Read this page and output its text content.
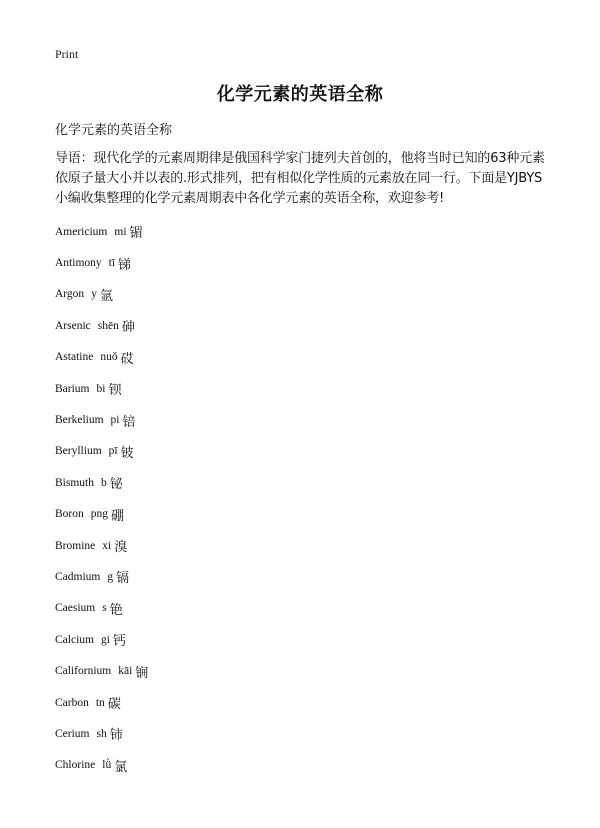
Print
化学元素的英语全称
化学元素的英语全称
导语：现代化学的元素周期律是俄国科学家门捷列夫首创的，他将当时已知的63种元素依原子量大小并以表的.形式排列，把有相似化学性质的元素放在同一行。下面是YJBYS小编收集整理的化学元素周期表中各化学元素的英语全称，欢迎参考!
Americium mi 镅
Antimony tī 锑
Argon y 氩
Arsenic shēn 砷
Astatine nuǒ 砹
Barium bi 钡
Berkelium pi 锫
Beryllium pī 铍
Bismuth b 铋
Boron png 硼
Bromine xi 溴
Cadmium g 镉
Caesium s 铯
Calcium gi 钙
Californium kāi 锎
Carbon tn 碳
Cerium sh 铈
Chlorine lǜ 氯
